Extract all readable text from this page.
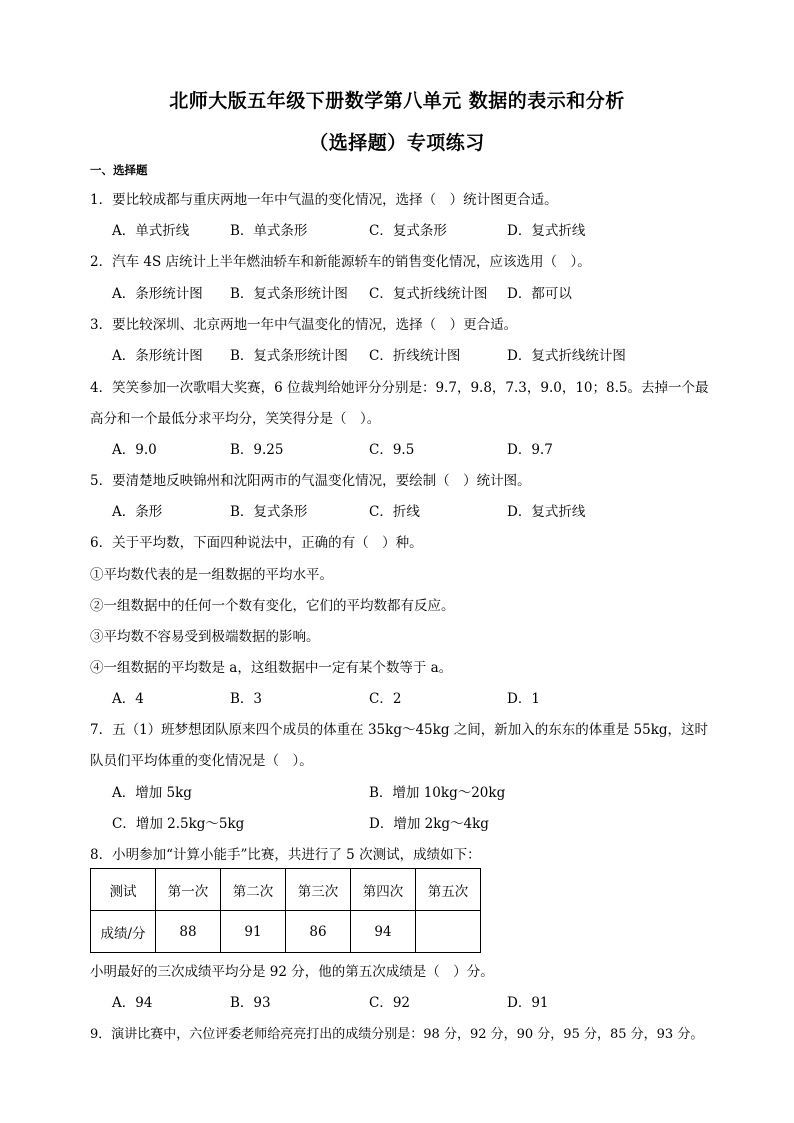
北师大版五年级下册数学第八单元 数据的表示和分析
（选择题）专项练习
一、选择题
1．要比较成都与重庆两地一年中气温的变化情况，选择（　）统计图更合适。
A．单式折线	B．单式条形	C．复式条形	D．复式折线
2．汽车 4S 店统计上半年燃油轿车和新能源轿车的销售变化情况，应该选用（　）。
A．条形统计图 B．复式条形统计图 C．复式折线统计图 D．都可以
3．要比较深圳、北京两地一年中气温变化的情况，选择（　）更合适。
A．条形统计图 B．复式条形统计图 C．折线统计图	D．复式折线统计图
4．笑笑参加一次歌唱大奖赛，6 位裁判给她评分分别是：9.7，9.8，7.3，9.0，10；8.5。去掉一个最
高分和一个最低分求平均分，笑笑得分是（　）。
A．9.0	B．9.25	C．9.5	D．9.7
5．要清楚地反映锦州和沈阳两市的气温变化情况，要绘制（　）统计图。
A．条形	B．复式条形	C．折线	D．复式折线
6．关于平均数，下面四种说法中，正确的有（　）种。
①平均数代表的是一组数据的平均水平。
②一组数据中的任何一个数有变化，它们的平均数都有反应。
③平均数不容易受到极端数据的影响。
④一组数据的平均数是 a，这组数据中一定有某个数等于 a。
A．4	B．3	C．2	D．1
7．五（1）班梦想团队原来四个成员的体重在 35kg～45kg 之间，新加入的东东的体重是 55kg，这时
队员们平均体重的变化情况是（　）。
A．增加 5kg	B．增加 10kg～20kg
C．增加 2.5kg～5kg	D．增加 2kg～4kg
8．小明参加“计算小能手”比赛，共进行了 5 次测试，成绩如下：
测试	第一次	第二次	第三次	第四次	第五次
成绩/分	88	91	86	94	
小明最好的三次成绩平均分是 92 分，他的第五次成绩是（　）分。
A．94	B．93	C．92	D．91
9．演讲比赛中，六位评委老师给亮亮打出的成绩分别是：98 分，92 分，90 分，95 分，85 分，93 分。
